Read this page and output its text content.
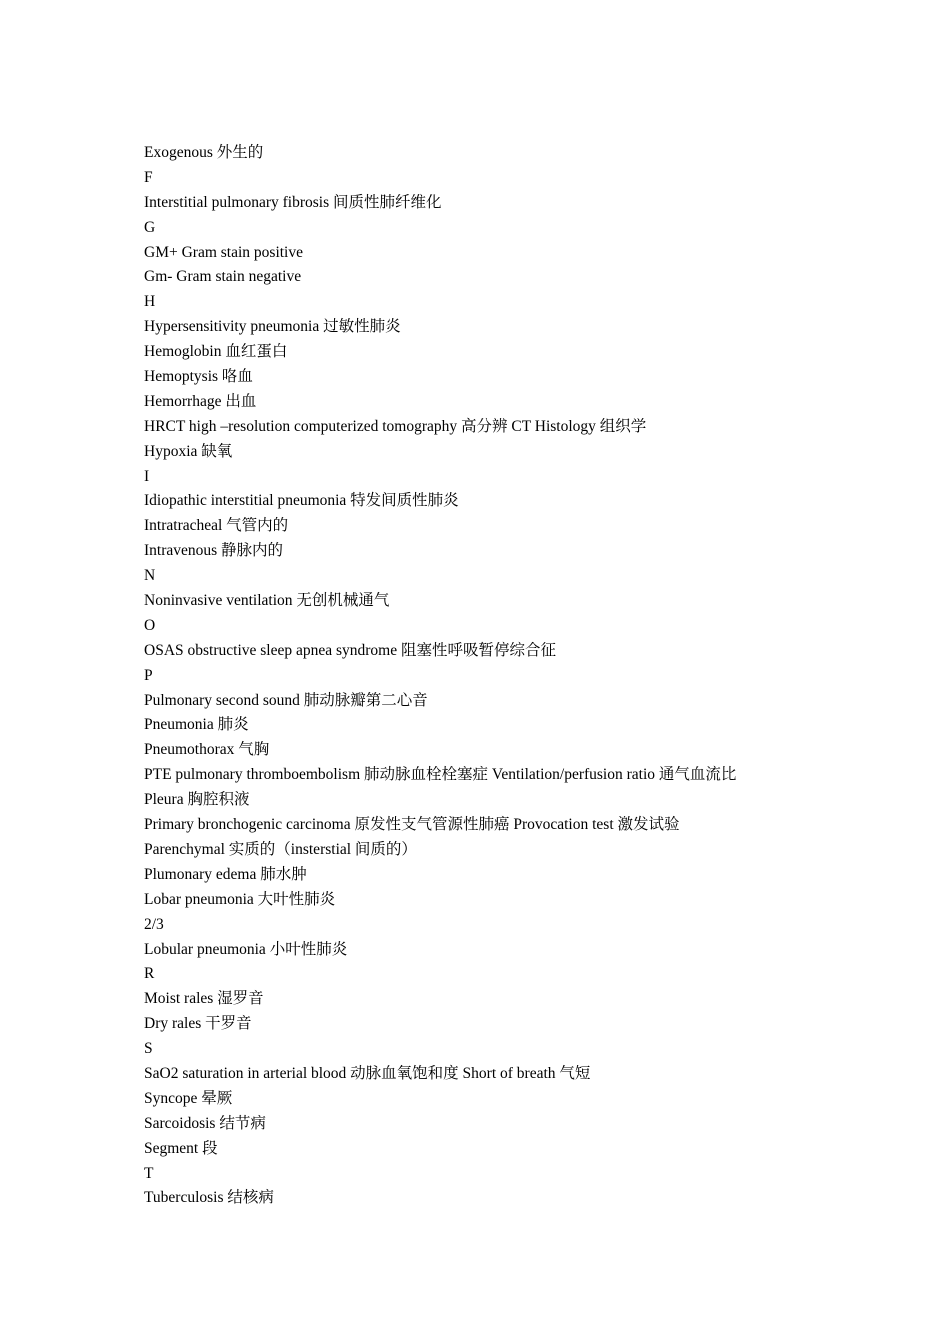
Exogenous 外生的
F
Interstitial pulmonary fibrosis 间质性肺纤维化
G
GM+ Gram stain positive
Gm- Gram stain negative
H
Hypersensitivity pneumonia 过敏性肺炎
Hemoglobin 血红蛋白
Hemoptysis 咯血
Hemorrhage 出血
HRCT high –resolution computerized tomography 高分辨 CT Histology 组织学
Hypoxia 缺氧
I
Idiopathic interstitial pneumonia 特发间质性肺炎
Intratracheal 气管内的
Intravenous 静脉内的
N
Noninvasive ventilation 无创机械通气
O
OSAS obstructive sleep apnea syndrome 阻塞性呼吸暂停综合征
P
Pulmonary second sound 肺动脉瓣第二心音
Pneumonia 肺炎
Pneumothorax 气胸
PTE pulmonary thromboembolism 肺动脉血栓栓塞症 Ventilation/perfusion ratio 通气血流比
Pleura 胸腔积液
Primary bronchogenic carcinoma 原发性支气管源性肺癌 Provocation test 激发试验
Parenchymal 实质的（insterstial 间质的）
Plumonary edema 肺水肿
Lobar pneumonia 大叶性肺炎
2/3
Lobular pneumonia 小叶性肺炎
R
Moist rales 湿罗音
Dry rales 干罗音
S
SaO2 saturation in arterial blood 动脉血氧饱和度 Short of breath 气短
Syncope 晕厥
Sarcoidosis 结节病
Segment 段
T
Tuberculosis 结核病
